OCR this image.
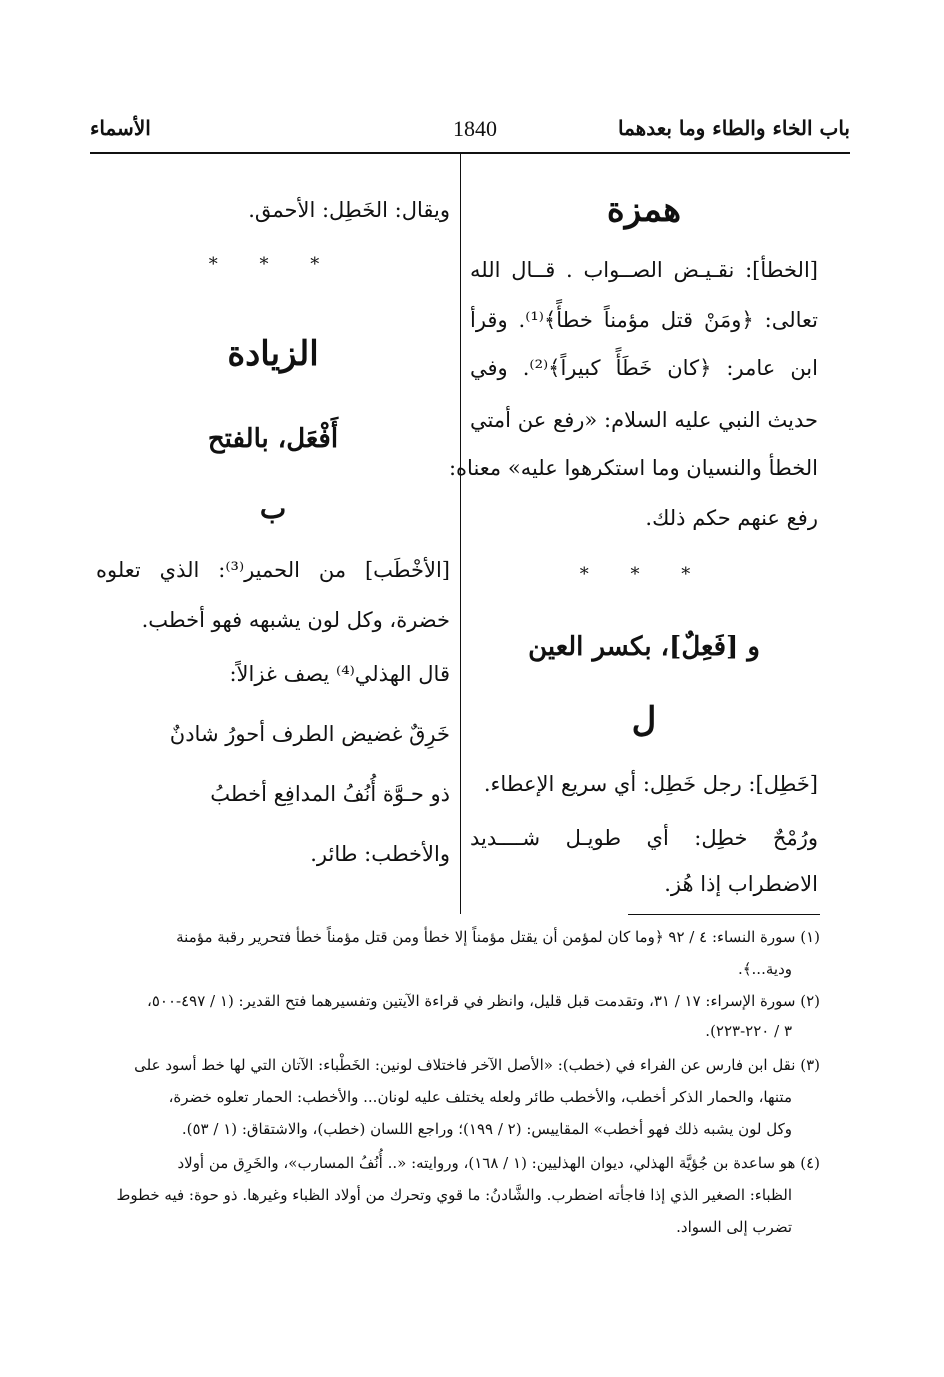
باب الخاء والطاء وما بعدهما
1840
الأسماء
همزة
[الخطأ]: نقـيـض الصــواب . قــال الله
تعالى: ﴿ومَنْ قتل مؤمناً خطأً﴾⁽¹⁾. وقرأ
ابن عامر: ﴿كان خَطَأً كبيراً﴾⁽²⁾. وفي
حديث النبي عليه السلام: «رفع عن أمتي
الخطأ والنسيان وما استكرهوا عليه» معناه:
رفع عنهم حكم ذلك.
* * *
و [فَعِلٌ]، بكسر العين
ل
[خَطِل]: رجل خَطِل: أي سريع الإعطاء.
ورُمْحٌ خطِل: أي طويـل شــــديد
الاضطراب إذا هُز.
ويقال: الخَطِل: الأحمق.
* * *
الزيادة
أَفْعَل، بالفتح
ب
[الأخْطَب] من الحمير⁽³⁾: الذي تعلوه
خضرة، وكل لون يشبهه فهو أخطب.
قال الهذلي⁽⁴⁾ يصف غزالاً:
خَرِقٌ غضيض الطرف أحورُ شادنٌ
ذو حـوَّة أُنُفُ المدافِع أخطبُ
والأخطب: طائر.
(١) سورة النساء: ٤ / ٩٢ ﴿وما كان لمؤمن أن يقتل مؤمناً إلا خطأ ومن قتل مؤمناً خطأ فتحرير رقبة مؤمنة
ودية...﴾.
(٢) سورة الإسراء: ١٧ / ٣١، وتقدمت قبل قليل، وانظر في قراءة الآيتين وتفسيرهما فتح القدير: (١ / ٤٩٧-٥٠٠،
٣ / ٢٢٠-٢٢٣).
(٣) نقل ابن فارس عن الفراء في (خطب): «الأصل الآخر فاختلاف لونين: الخَطْباء: الآتان التي لها خط أسود على
متنها، والحمار الذكر أخطب، والأخطب طائر ولعله يختلف عليه لونان... والأخطب: الحمار تعلوه خضرة،
وكل لون يشبه ذلك فهو أخطب» المقاييس: (٢ / ١٩٩)؛ وراجع اللسان (خطب)، والاشتقاق: (١ / ٥٣).
(٤) هو ساعدة بن جُؤيَّة الهذلي، ديوان الهذليين: (١ / ١٦٨)، وروايته: «.. أُنُفُ المسارب»، والخَرِق من أولاد
الظباء: الصغير الذي إذا فاجأته اضطرب. والشَّادنُ: ما قوي وتحرك من أولاد الظباء وغيرها. ذو حوة: فيه خطوط
تضرب إلى السواد.
